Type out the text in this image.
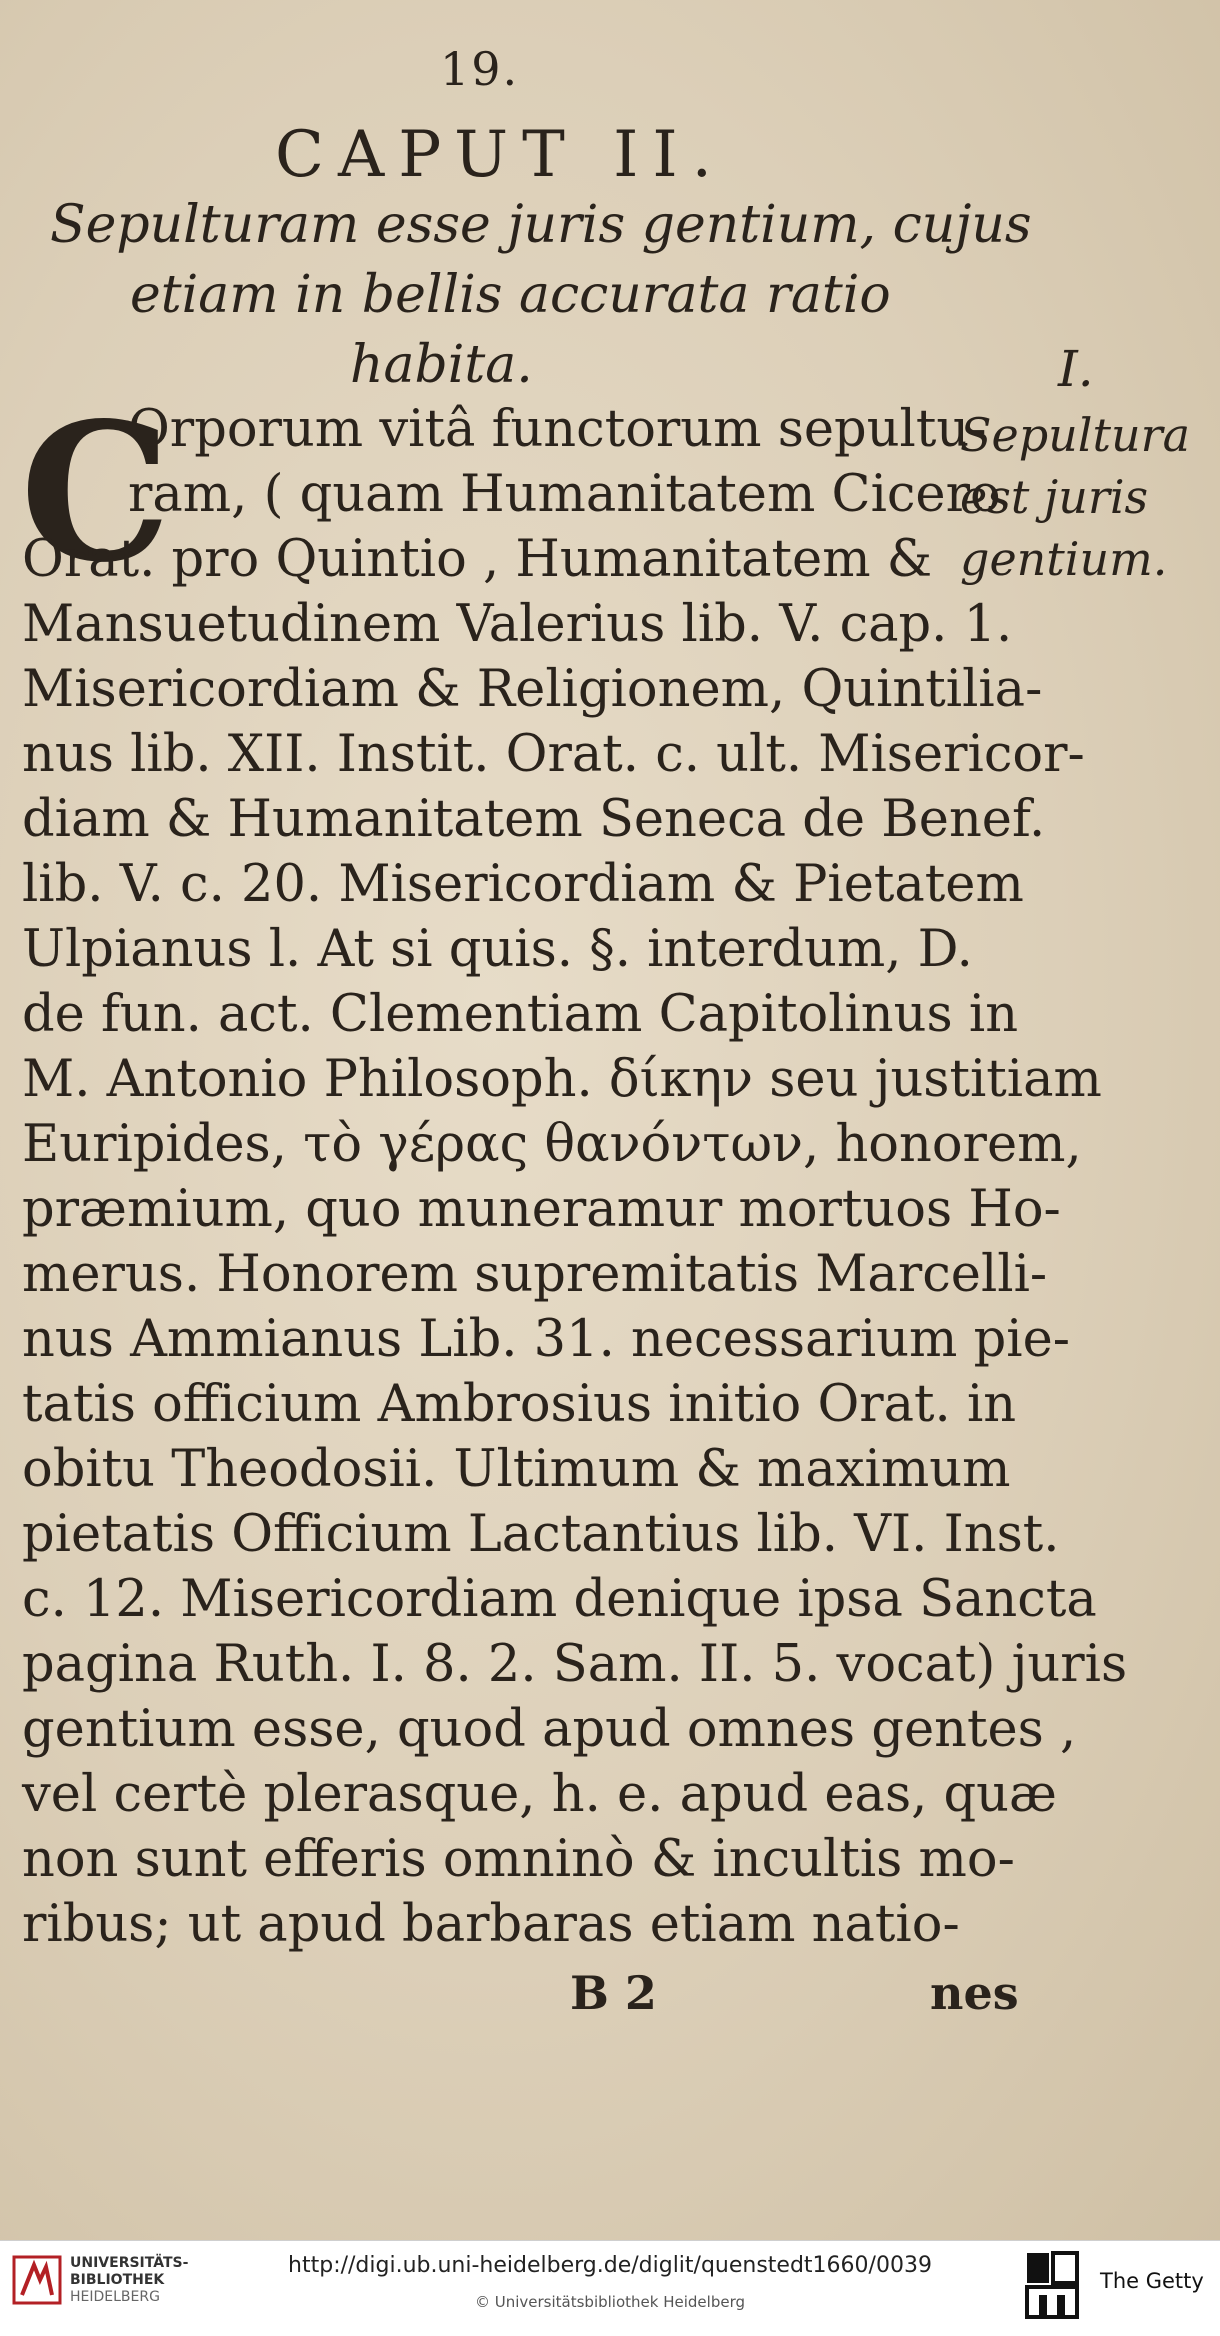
19.
CAPUT II.
Sepulturam esse juris gentium, cujus
etiam in bellis accurata ratio
habita.	I.
Sepultura
est juris
gentium.
C
Orporum vitâ functorum sepultu-
ram, ( quam Humanitatem Cicero
Orat. pro Quintio , Humanitatem &
Mansuetudinem Valerius lib. V. cap. 1.
Misericordiam & Religionem, Quintilia-
nus lib. XII. Instit. Orat. c. ult. Misericor-
diam & Humanitatem Seneca de Benef.
lib. V. c. 20. Misericordiam & Pietatem
Ulpianus l. At si quis. §. interdum, D.
de fun. act. Clementiam Capitolinus in
M. Antonio Philosoph. δίκην seu justitiam
Euripides, τὸ γέρας θανόντων, honorem,
præmium, quo muneramur mortuos Ho-
merus. Honorem supremitatis Marcelli-
nus Ammianus Lib. 31. necessarium pie-
tatis officium Ambrosius initio Orat. in
obitu Theodosii. Ultimum & maximum
pietatis Officium Lactantius lib. VI. Inst.
c. 12. Misericordiam denique ipsa Sancta
pagina Ruth. I. 8. 2. Sam. II. 5. vocat) juris
gentium esse, quod apud omnes gentes ,
vel certè plerasque, h. e. apud eas, quæ
non sunt efferis omninò & incultis mo-
ribus; ut apud barbaras etiam natio-
B 2	nes
UNIVERSITÄTS-
BIBLIOTHEK
HEIDELBERG
http://digi.ub.uni-heidelberg.de/diglit/quenstedt1660/0039
© Universitätsbibliothek Heidelberg
The Getty
